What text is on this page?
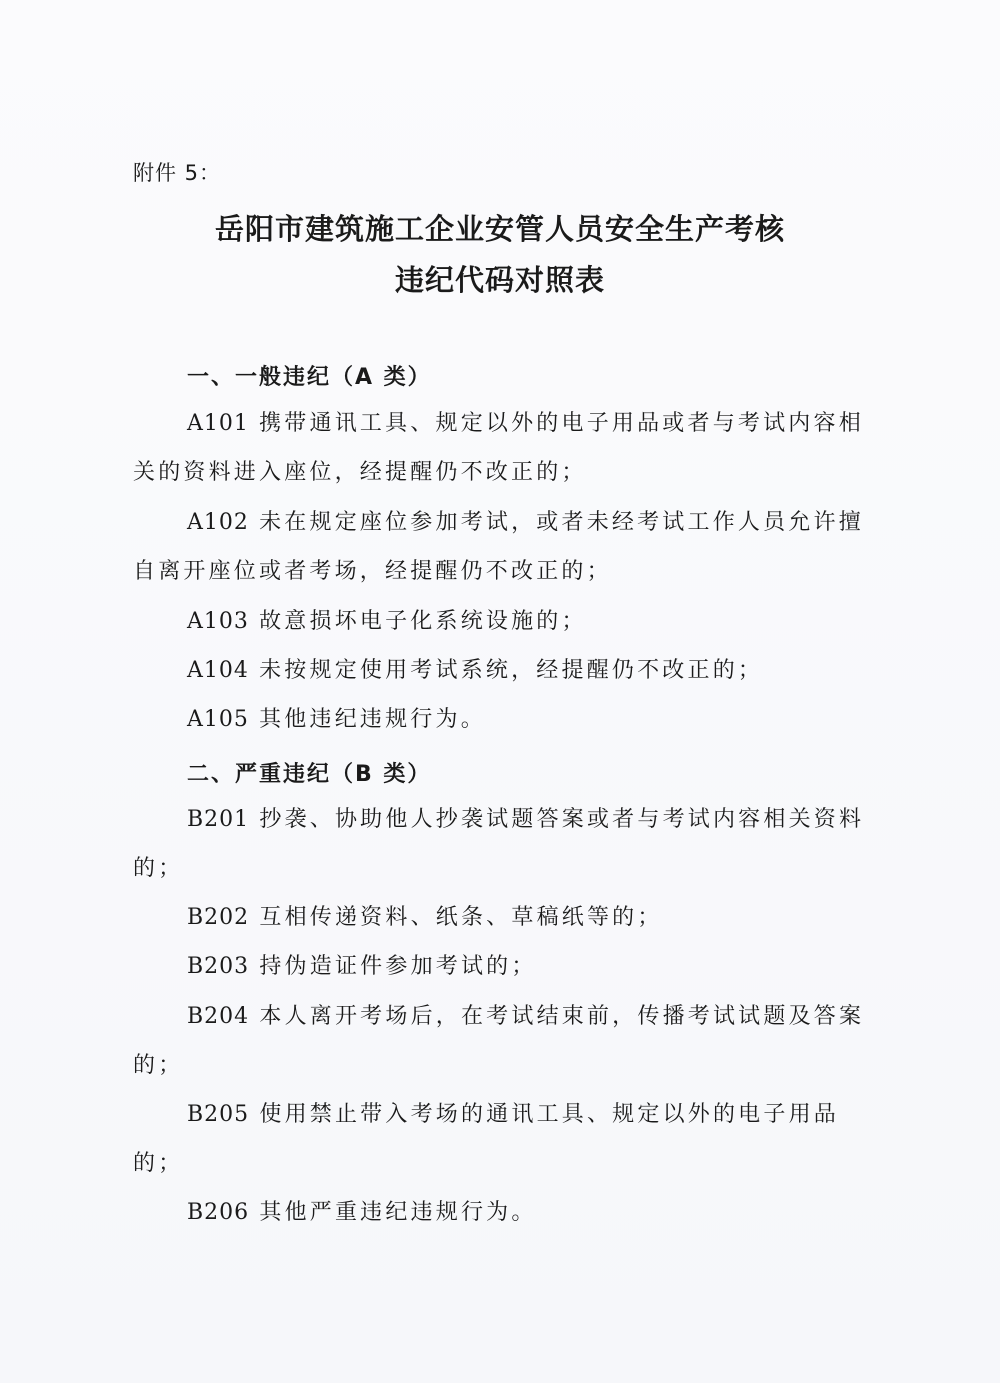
附件 5：
岳阳市建筑施工企业安管人员安全生产考核
违纪代码对照表
一、一般违纪（A 类）
A101 携带通讯工具、规定以外的电子用品或者与考试内容相关的资料进入座位，经提醒仍不改正的；
A102 未在规定座位参加考试，或者未经考试工作人员允许擅自离开座位或者考场，经提醒仍不改正的；
A103 故意损坏电子化系统设施的；
A104 未按规定使用考试系统，经提醒仍不改正的；
A105 其他违纪违规行为。
二、严重违纪（B 类）
B201 抄袭、协助他人抄袭试题答案或者与考试内容相关资料的；
B202 互相传递资料、纸条、草稿纸等的；
B203 持伪造证件参加考试的；
B204 本人离开考场后，在考试结束前，传播考试试题及答案的；
B205 使用禁止带入考场的通讯工具、规定以外的电子用品的；
B206 其他严重违纪违规行为。
